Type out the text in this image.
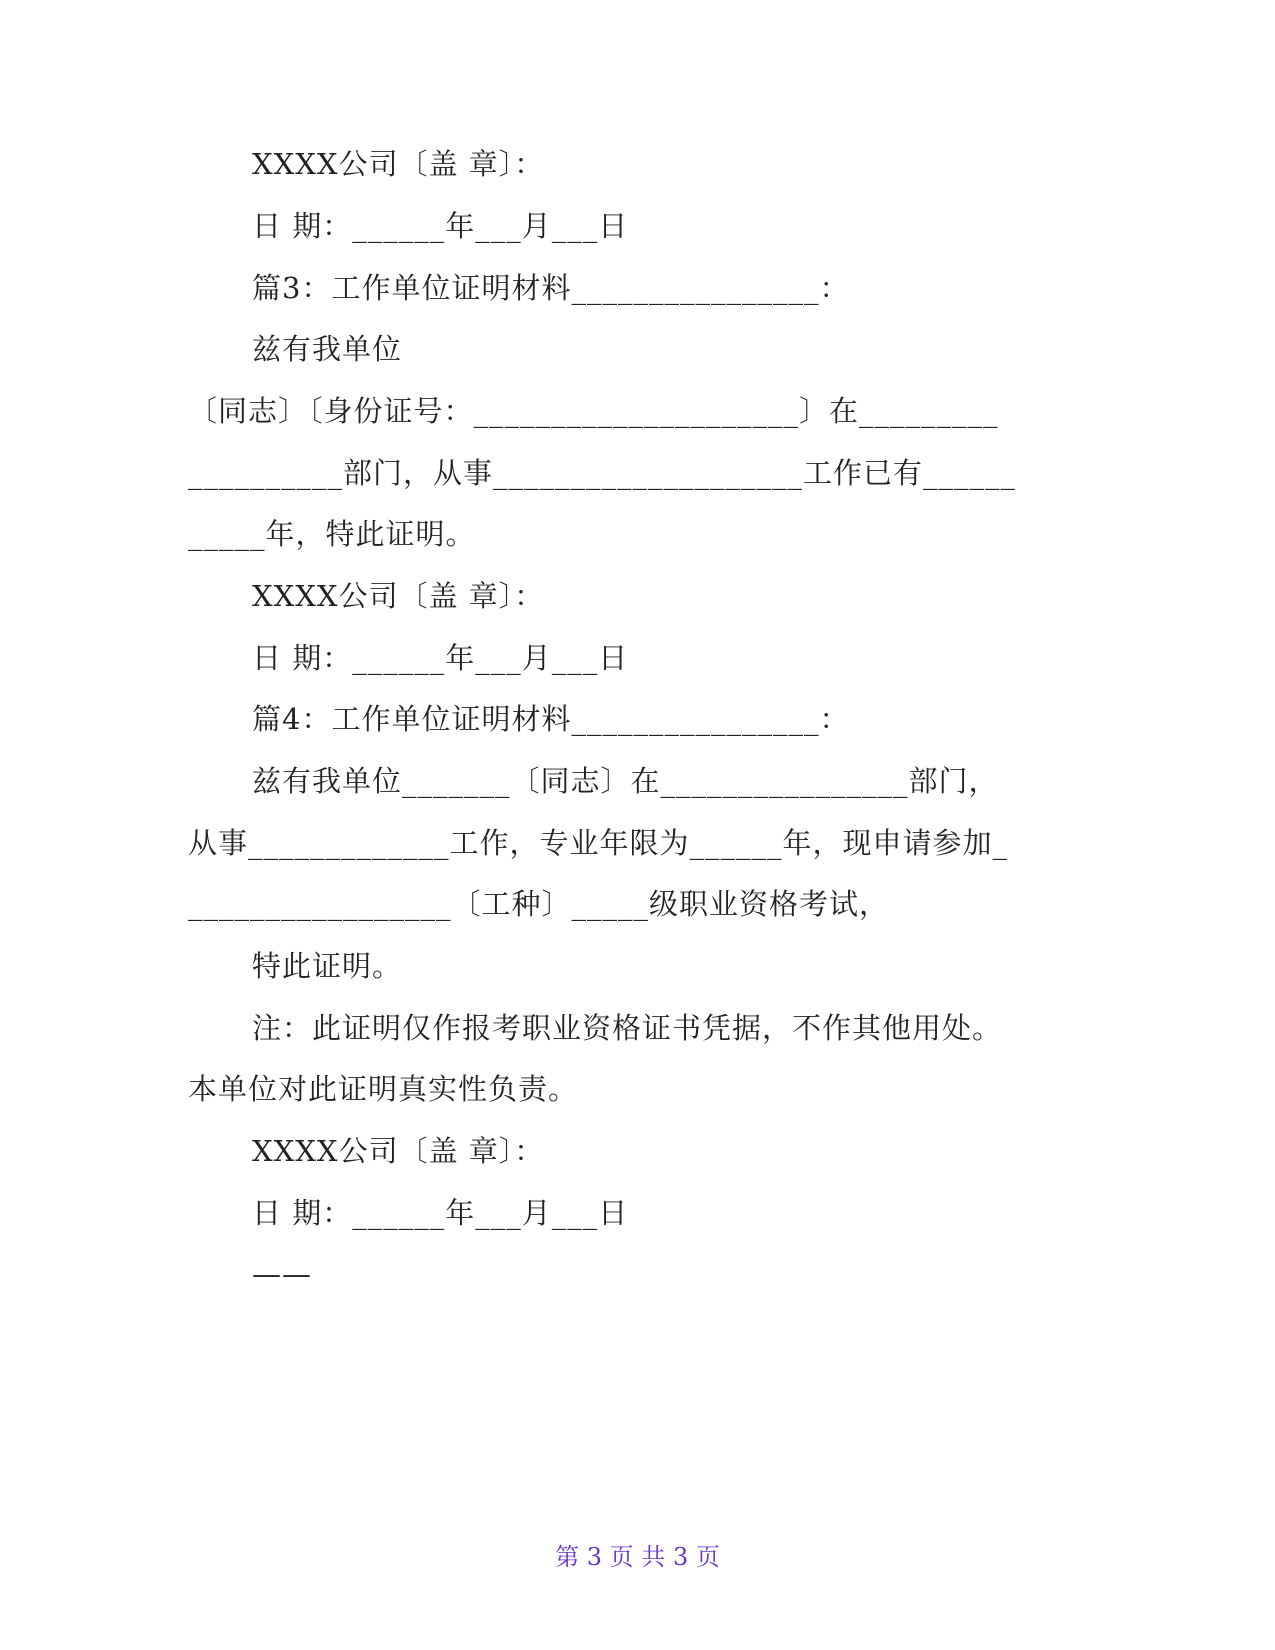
XXXX公司〔盖 章〕：
日 期：______年___月___日
篇3：工作单位证明材料________________：
兹有我单位
〔同志〕〔身份证号：_____________________〕在_________
__________部门，从事____________________工作已有______
_____年，特此证明。
XXXX公司〔盖 章〕：
日 期：______年___月___日
篇4：工作单位证明材料________________：
兹有我单位_______〔同志〕在________________部门，
从事_____________工作，专业年限为______年，现申请参加_
_________________〔工种〕_____级职业资格考试，
特此证明。
注：此证明仅作报考职业资格证书凭据，不作其他用处。
本单位对此证明真实性负责。
XXXX公司〔盖 章〕：
日 期：______年___月___日
——
第 3 页 共 3 页
